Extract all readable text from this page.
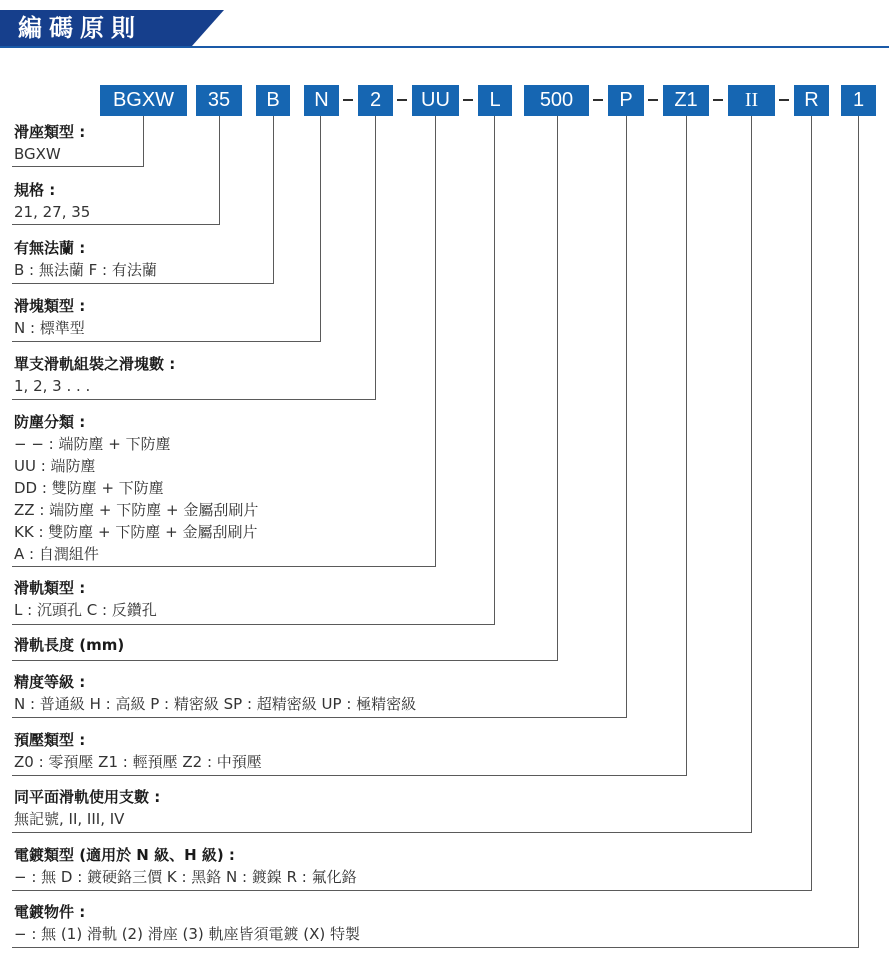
編碼原則
BGXW	35	B	N	2	UU	L	500	P	Z1	II	R	1
滑座類型 :
BGXW
規格 :
21, 27, 35
有無法蘭 :
B : 無法蘭 F : 有法蘭
滑塊類型 :
N : 標準型
單支滑軌組裝之滑塊數 :
1, 2, 3 . . .
防塵分類 :
− − : 端防塵 + 下防塵
UU : 端防塵
DD : 雙防塵 + 下防塵
ZZ : 端防塵 + 下防塵 + 金屬刮刷片
KK : 雙防塵 + 下防塵 + 金屬刮刷片
A : 自潤組件
滑軌類型 :
L : 沉頭孔 C : 反鑽孔
滑軌長度 (mm)
精度等級 :
N : 普通級 H : 高級 P : 精密級 SP : 超精密級 UP : 極精密級
預壓類型 :
Z0 : 零預壓 Z1 : 輕預壓 Z2 : 中預壓
同平面滑軌使用支數 :
無記號, II, III, IV
電鍍類型 (適用於 N 級、H 級) :
− : 無 D : 鍍硬鉻三價 K : 黑鉻 N : 鍍鎳 R : 氟化鉻
電鍍物件 :
− : 無 (1) 滑軌 (2) 滑座 (3) 軌座皆須電鍍 (X) 特製
